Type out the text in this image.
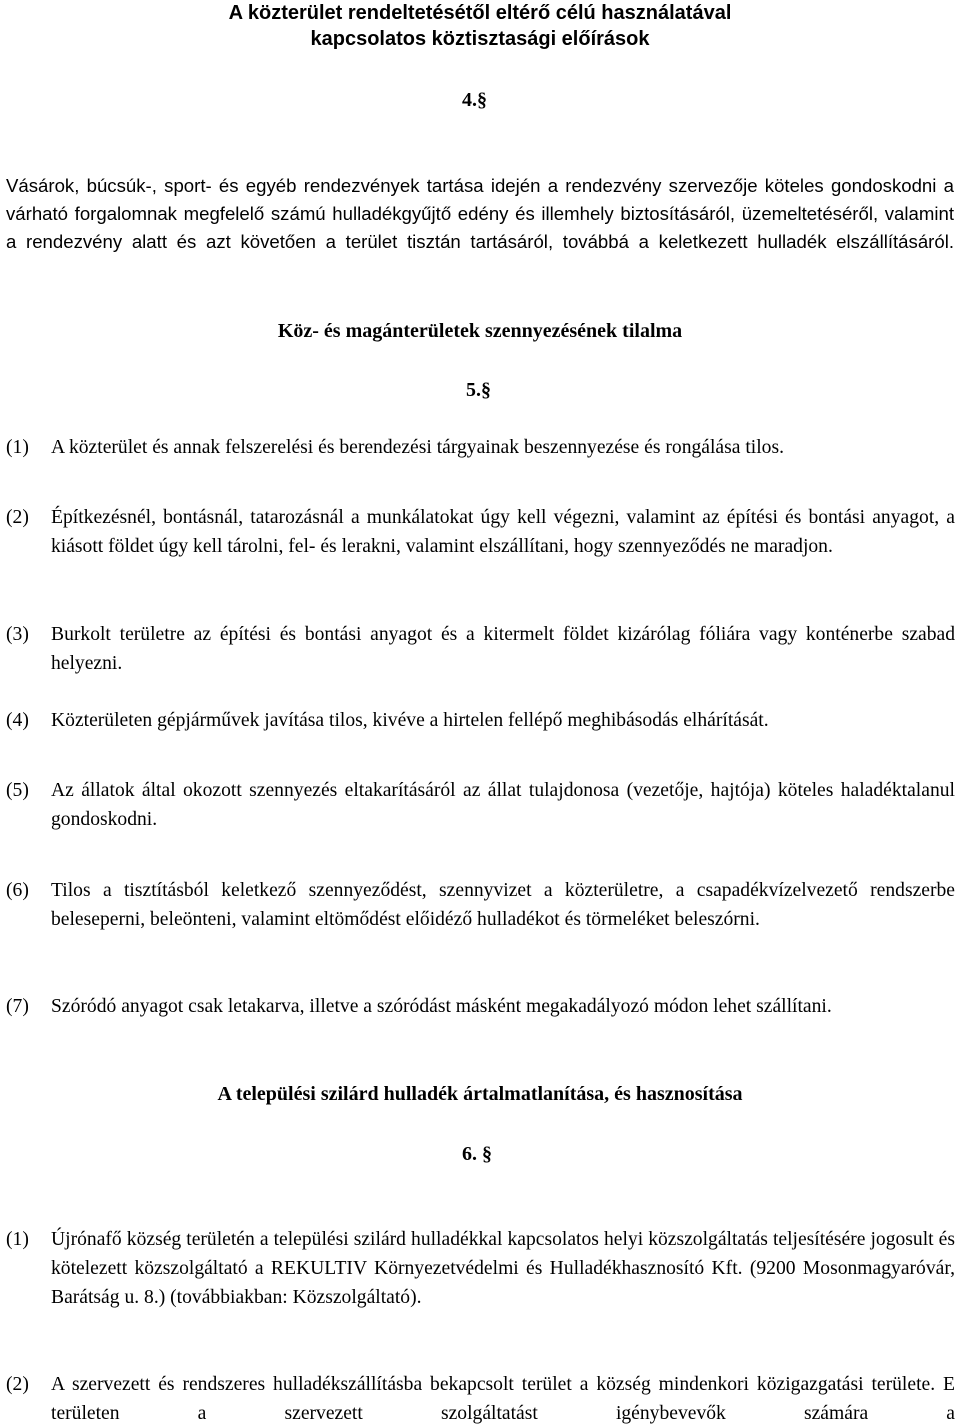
A közterület rendeltetésétől eltérő célú használatával
kapcsolatos köztisztasági előírások
4.§
Vásárok, búcsúk-, sport- és egyéb rendezvények tartása idején a rendezvény szervezője köteles gondoskodni a várható forgalomnak megfelelő számú hulladékgyűjtő edény és illemhely biztosításáról, üzemeltetéséről, valamint a rendezvény alatt és azt követően a terület tisztán tartásáról, továbbá a keletkezett hulladék elszállításáról.
Köz- és magánterületek szennyezésének tilalma
5.§
(1) A közterület és annak felszerelési és berendezési tárgyainak beszennyezése és rongálása tilos.
(2) Építkezésnél, bontásnál, tatarozásnál a munkálatokat úgy kell végezni, valamint az építési és bontási anyagot, a kiásott földet úgy kell tárolni, fel- és lerakni, valamint elszállítani, hogy szennyeződés ne maradjon.
(3) Burkolt területre az építési és bontási anyagot és a kitermelt földet kizárólag fóliára vagy konténerbe szabad helyezni.
(4) Közterületen gépjárművek javítása tilos, kivéve a hirtelen fellépő meghibásodás elhárítását.
(5) Az állatok által okozott szennyezés eltakarításáról az állat tulajdonosa (vezetője, hajtója) köteles haladéktalanul gondoskodni.
(6) Tilos a tisztításból keletkező szennyeződést, szennyvizet a közterületre, a csapadékvízelvezető rendszerbe beleseperni, beleönteni, valamint eltömődést előidéző hulladékot és törmeléket beleszórni.
(7) Szóródó anyagot csak letakarva, illetve a szóródást másként megakadályozó módon lehet szállítani.
A települési szilárd hulladék ártalmatlanítása, és hasznosítása
6. §
(1) Újrónafő község területén a települési szilárd hulladékkal kapcsolatos helyi közszolgáltatás teljesítésére jogosult és kötelezett közszolgáltató a REKULTIV Környezetvédelmi és Hulladékhasznosító Kft. (9200 Mosonmagyaróvár, Barátság u. 8.) (továbbiakban: Közszolgáltató).
(2) A szervezett és rendszeres hulladékszállításba bekapcsolt terület a község mindenkori közigazgatási területe. E területen a szervezett szolgáltatást igénybevevők számára a
